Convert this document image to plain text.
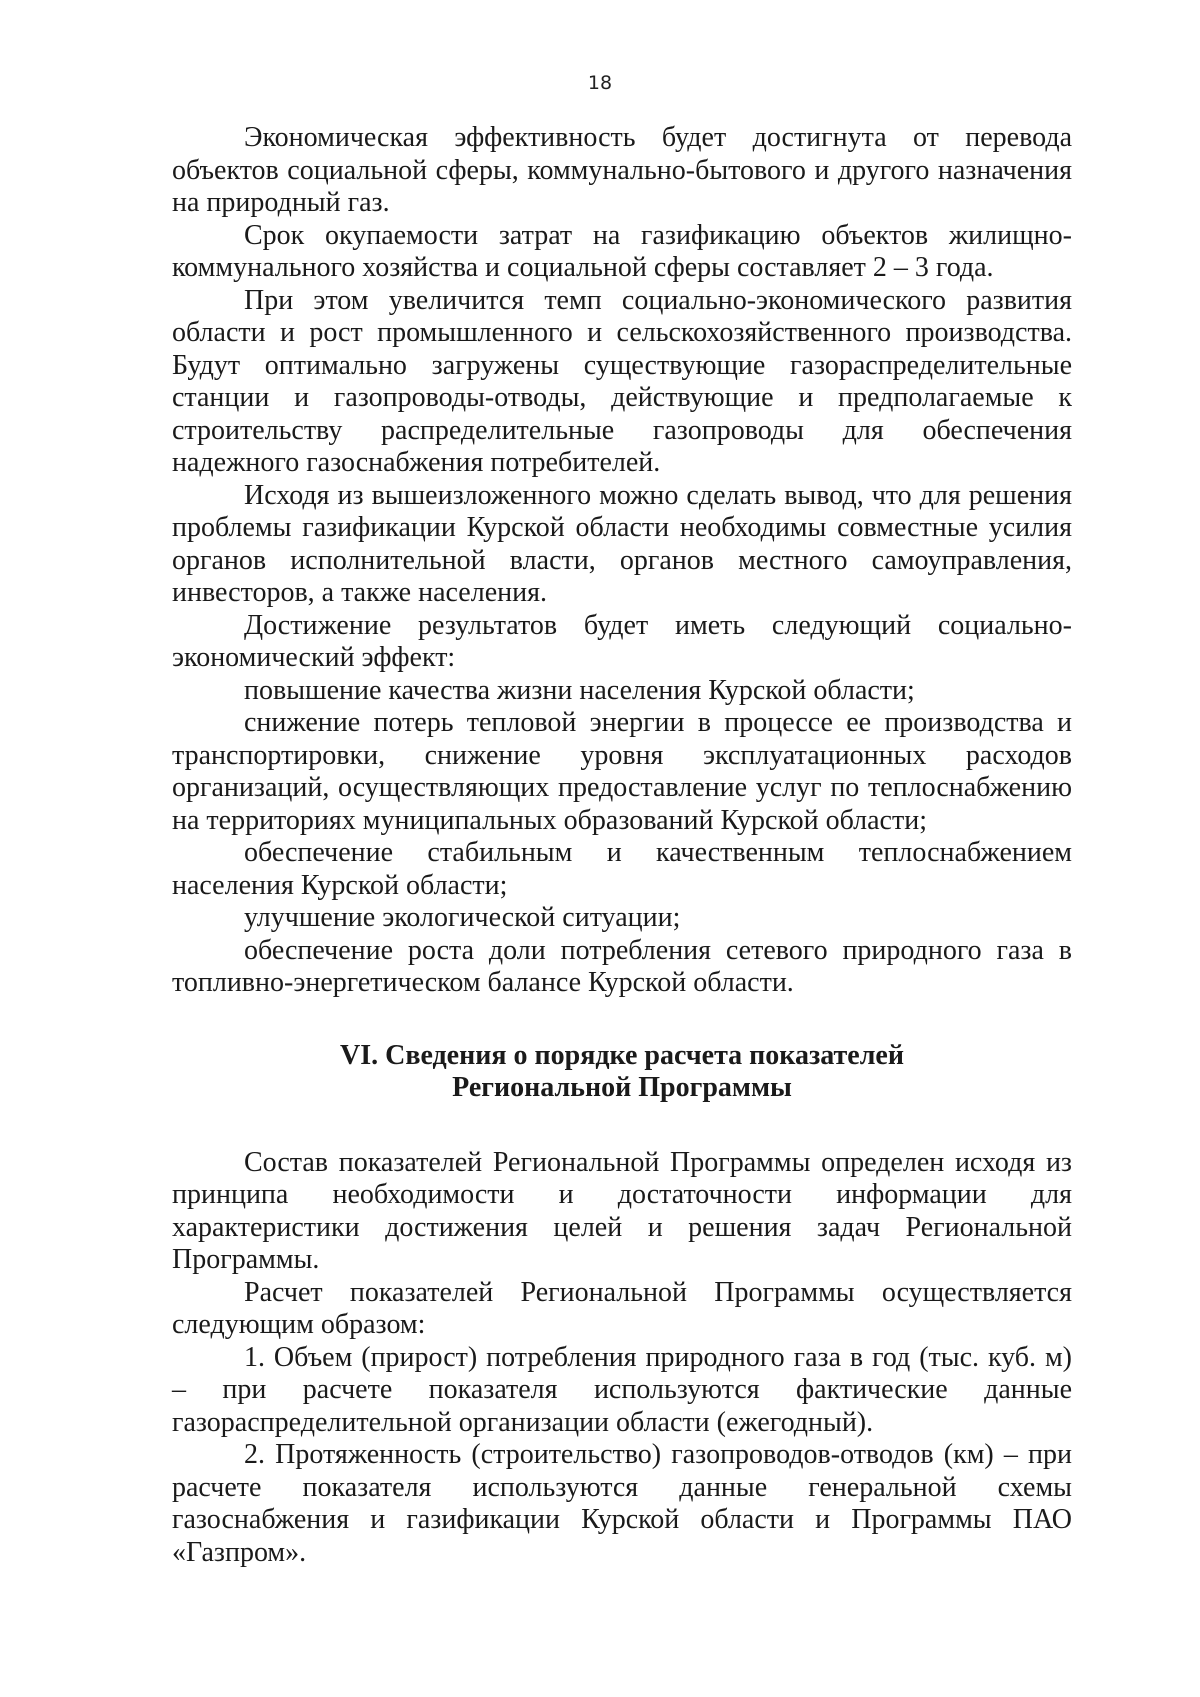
18

Экономическая эффективность будет достигнута от перевода объектов социальной сферы, коммунально-бытового и другого назначения на природный газ.

Срок окупаемости затрат на газификацию объектов жилищно-коммунального хозяйства и социальной сферы составляет 2 – 3 года.

При этом увеличится темп социально-экономического развития области и рост промышленного и сельскохозяйственного производства. Будут оптимально загружены существующие газораспределительные станции и газопроводы-отводы, действующие и предполагаемые к строительству распределительные газопроводы для обеспечения надежного газоснабжения потребителей.

Исходя из вышеизложенного можно сделать вывод, что для решения проблемы газификации Курской области необходимы совместные усилия органов исполнительной власти, органов местного самоуправления, инвесторов, а также населения.

Достижение результатов будет иметь следующий социально-экономический эффект:

повышение качества жизни населения Курской области;

снижение потерь тепловой энергии в процессе ее производства и транспортировки, снижение уровня эксплуатационных расходов организаций, осуществляющих предоставление услуг по теплоснабжению на территориях муниципальных образований Курской области;

обеспечение стабильным и качественным теплоснабжением населения Курской области;

улучшение экологической ситуации;

обеспечение роста доли потребления сетевого природного газа в топливно-энергетическом балансе Курской области.

VI. Сведения о порядке расчета показателей
Региональной Программы

Состав показателей Региональной Программы определен исходя из принципа необходимости и достаточности информации для характеристики достижения целей и решения задач Региональной Программы.

Расчет показателей Региональной Программы осуществляется следующим образом:

1. Объем (прирост) потребления природного газа в год (тыс. куб. м) – при расчете показателя используются фактические данные газораспределительной организации области (ежегодный).

2. Протяженность (строительство) газопроводов-отводов (км) – при расчете показателя используются данные генеральной схемы газоснабжения и газификации Курской области и Программы ПАО «Газпром».
